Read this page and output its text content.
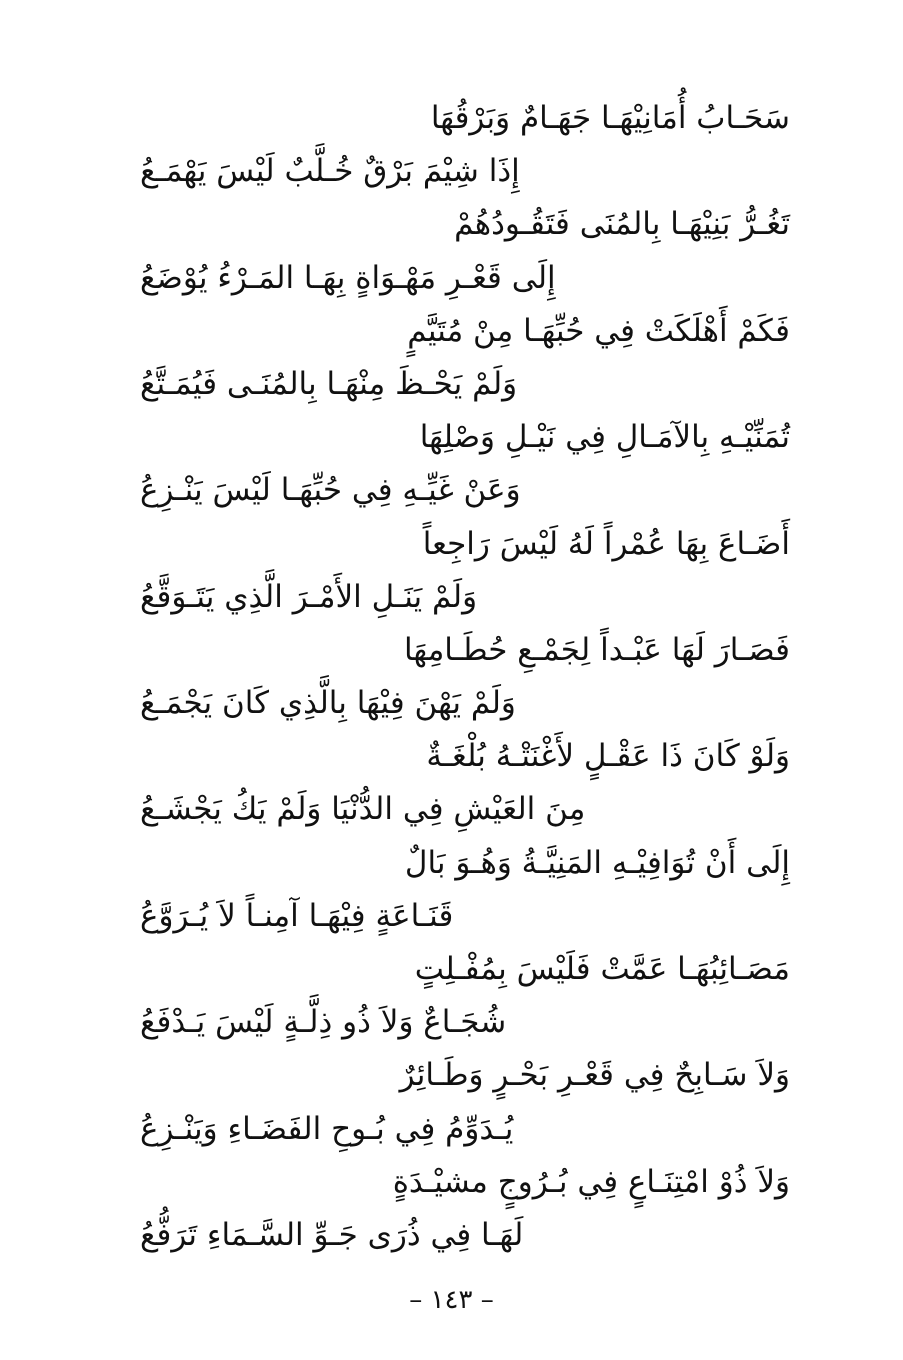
سَحَـابُ أُمَانِيْهَـا جَهَـامٌ وَبَرْقُهَا
إِذَا شِيْمَ بَرْقٌ خُـلَّبٌ لَيْسَ يَهْمَـعُ
تَغُـرُّ بَنِيْهَـا بِالمُنَى فَتَقُـودُهُمْ
إِلَى قَعْـرِ مَهْـوَاةٍ بِهَـا المَـرْءُ يُوْضَعُ
فَكَمْ أَهْلَكَتْ فِي حُبِّهَـا مِنْ مُتَيَّمٍ
وَلَمْ يَحْـظَ مِنْهَـا بِالمُنَـى فَيُمَـتَّعُ
تُمَنِّيْـهِ بِالآمَـالِ فِي نَيْـلِ وَصْلِهَا
وَعَنْ غَيِّـهِ فِي حُبِّهَـا لَيْسَ يَنْـزِعُ
أَضَـاعَ بِهَا عُمْراً لَهُ لَيْسَ رَاجِعاً
وَلَمْ يَنَـلِ الأَمْـرَ الَّذِي يَتَـوَقَّعُ
فَصَـارَ لَهَا عَبْـداً لِجَمْـعِ حُطَـامِهَا
وَلَمْ يَهْنَ فِيْهَا بِالَّذِي كَانَ يَجْمَـعُ
وَلَوْ كَانَ ذَا عَقْـلٍ لأَغْنَتْـهُ بُلْغَـةٌ
مِنَ العَيْشِ فِي الدُّنْيَا وَلَمْ يَكُ يَجْشَـعُ
إِلَى أَنْ تُوَافِيْـهِ المَنِيَّـةُ وَهُـوَ بَالٌ
قَنَـاعَةٍ فِيْهَـا آمِنـاً لاَ يُـرَوَّعُ
مَصَـائِبُهَـا عَمَّتْ فَلَيْسَ بِمُفْـلِتٍ
شُجَـاعٌ وَلاَ ذُو ذِلَّـةٍ لَيْسَ يَـدْفَعُ
وَلاَ سَـابِحٌ فِي قَعْـرِ بَحْـرٍ وَطَـائِرٌ
يُـدَوِّمُ فِي بُـوحِ الفَضَـاءِ وَيَنْـزِعُ
وَلاَ ذُوْ امْتِنَـاعٍ فِي بُـرُوجٍ مشيْـدَةٍ
لَهَـا فِي ذُرَى جَـوِّ السَّـمَاءِ تَرَفُّعُ
– ١٤٣ –
